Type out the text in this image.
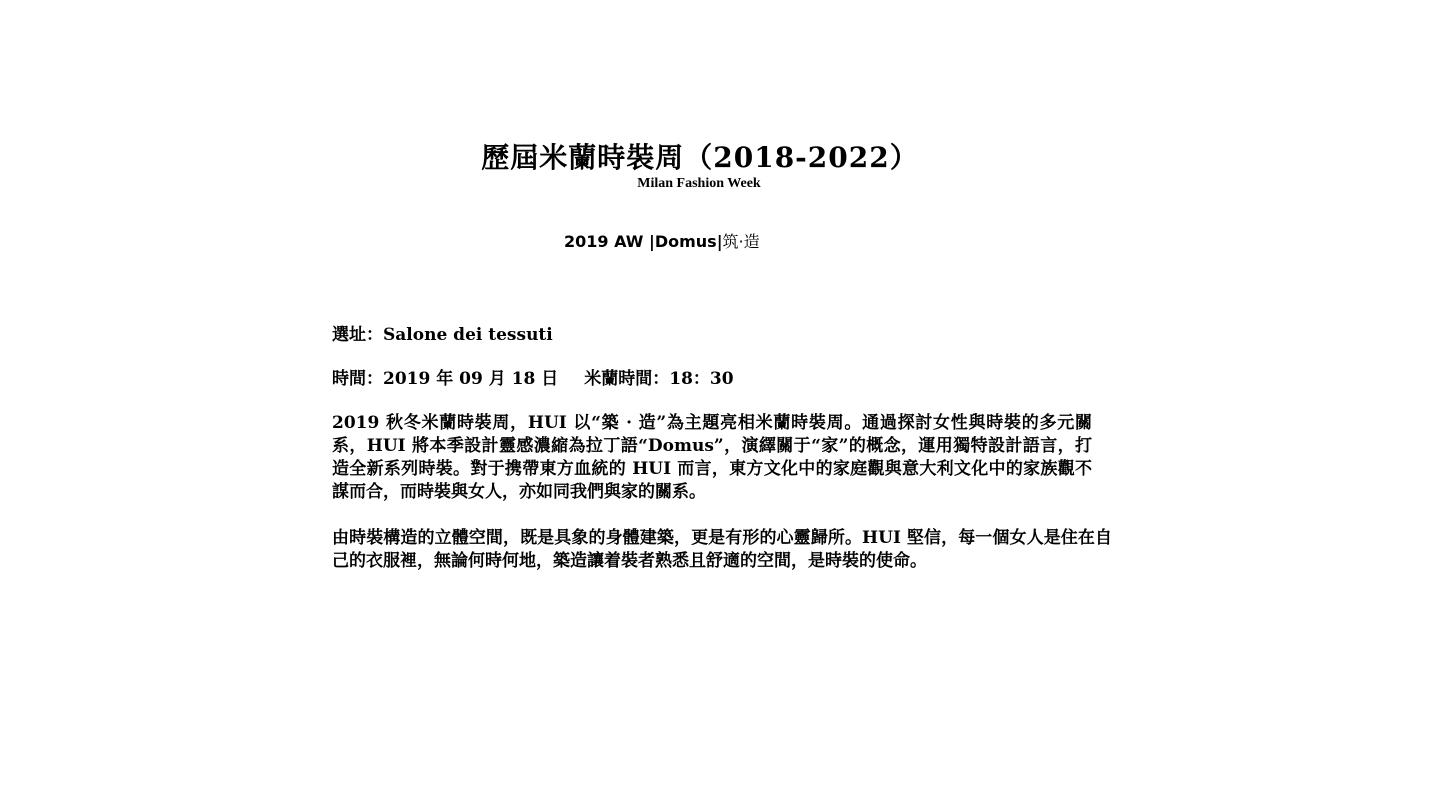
歷屆米蘭時裝周（2018-2022）
Milan Fashion Week
2019 AW |Domus|筑·造

選址：Salone dei tessuti

時間：2019 年 09 月 18 日 米蘭時間：18：30

2019 秋冬米蘭時裝周，HUI 以“築 · 造”為主題亮相米蘭時裝周。通過探討女性與時裝的多元關系，HUI 將本季設計靈感濃縮為拉丁語“Domus”，演繹關于“家”的概念，運用獨特設計語言，打造全新系列時裝。對于携帶東方血統的 HUI 而言，東方文化中的家庭觀與意大利文化中的家族觀不謀而合，而時裝與女人，亦如同我們與家的關系。

由時裝構造的立體空間，既是具象的身體建築，更是有形的心靈歸所。HUI 堅信，每一個女人是住在自己的衣服裡，無論何時何地，築造讓着裝者熟悉且舒適的空間，是時裝的使命。
